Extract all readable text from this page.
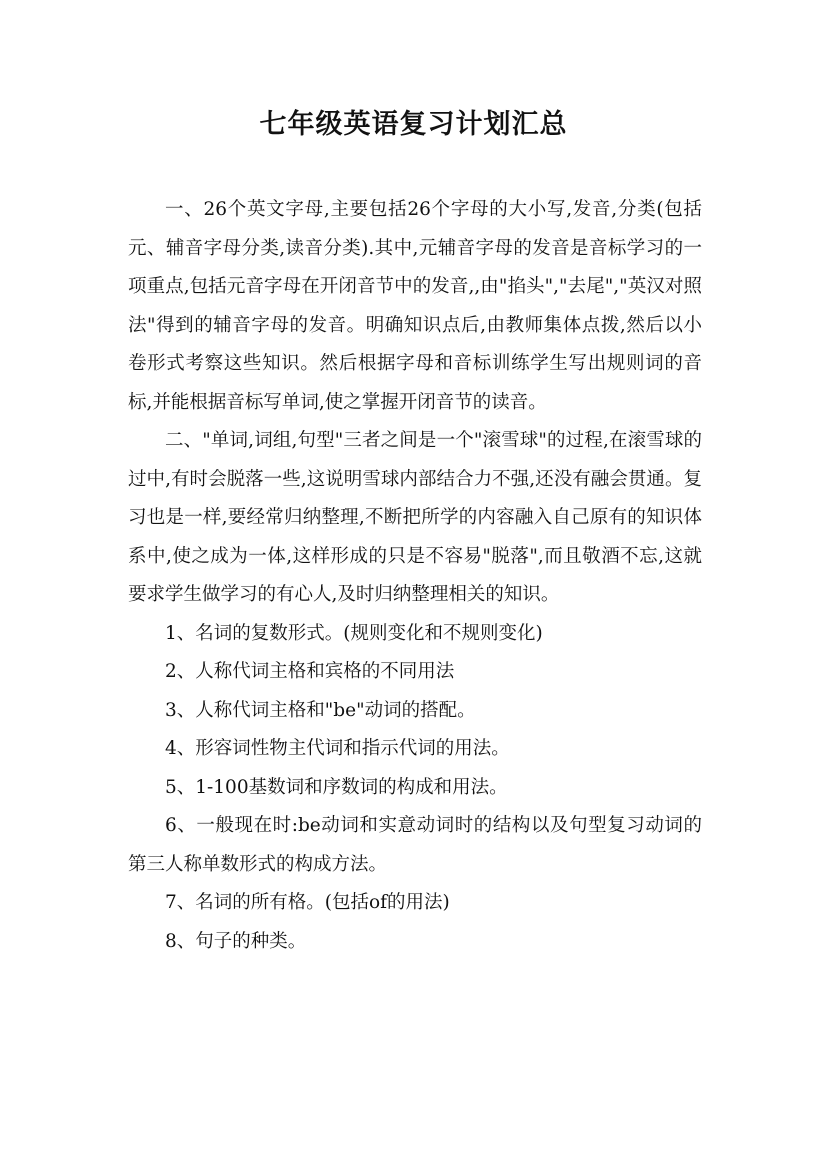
七年级英语复习计划汇总

一、26个英文字母,主要包括26个字母的大小写,发音,分类(包括元、辅音字母分类,读音分类).其中,元辅音字母的发音是音标学习的一项重点,包括元音字母在开闭音节中的发音,,由"掐头","去尾","英汉对照法"得到的辅音字母的发音。明确知识点后,由教师集体点拨,然后以小卷形式考察这些知识。然后根据字母和音标训练学生写出规则词的音标,并能根据音标写单词,使之掌握开闭音节的读音。

二、"单词,词组,句型"三者之间是一个"滚雪球"的过程,在滚雪球的过中,有时会脱落一些,这说明雪球内部结合力不强,还没有融会贯通。复习也是一样,要经常归纳整理,不断把所学的内容融入自己原有的知识体系中,使之成为一体,这样形成的只是不容易"脱落",而且敬酒不忘,这就要求学生做学习的有心人,及时归纳整理相关的知识。

1、名词的复数形式。(规则变化和不规则变化)

2、人称代词主格和宾格的不同用法

3、人称代词主格和"be"动词的搭配。

4、形容词性物主代词和指示代词的用法。

5、1-100基数词和序数词的构成和用法。

6、一般现在时:be动词和实意动词时的结构以及句型复习动词的第三人称单数形式的构成方法。

7、名词的所有格。(包括of的用法)

8、句子的种类。
